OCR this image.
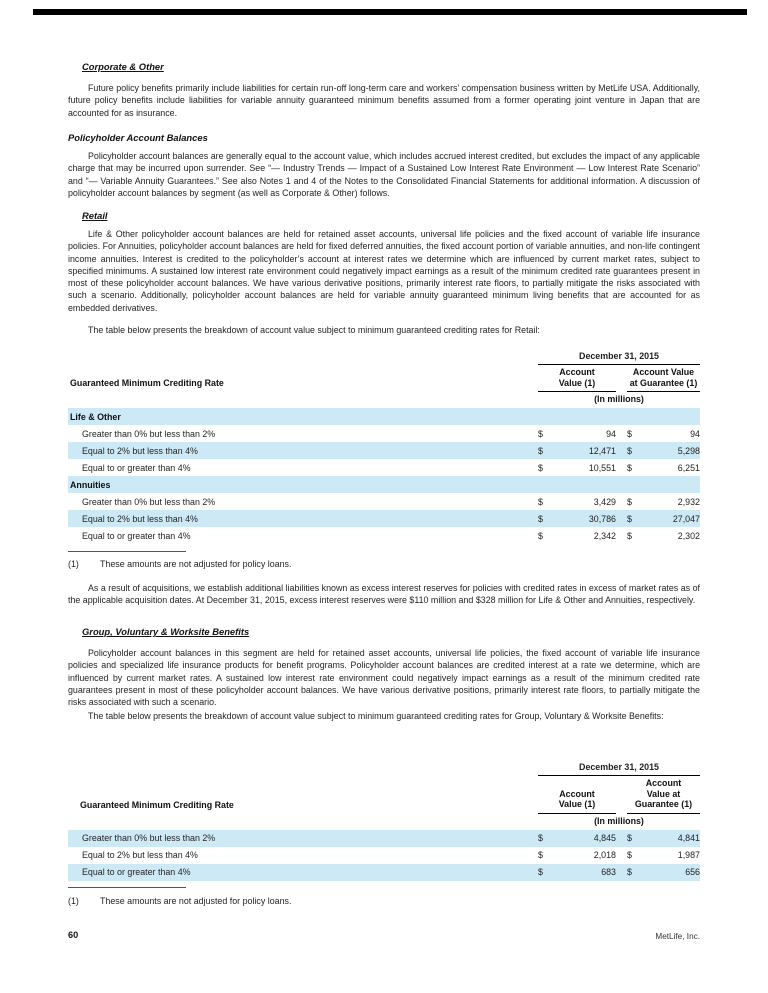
Corporate & Other
Future policy benefits primarily include liabilities for certain run-off long-term care and workers’ compensation business written by MetLife USA. Additionally, future policy benefits include liabilities for variable annuity guaranteed minimum benefits assumed from a former operating joint venture in Japan that are accounted for as insurance.
Policyholder Account Balances
Policyholder account balances are generally equal to the account value, which includes accrued interest credited, but excludes the impact of any applicable charge that may be incurred upon surrender. See “— Industry Trends — Impact of a Sustained Low Interest Rate Environment — Low Interest Rate Scenario” and “— Variable Annuity Guarantees.” See also Notes 1 and 4 of the Notes to the Consolidated Financial Statements for additional information. A discussion of policyholder account balances by segment (as well as Corporate & Other) follows.
Retail
Life & Other policyholder account balances are held for retained asset accounts, universal life policies and the fixed account of variable life insurance policies. For Annuities, policyholder account balances are held for fixed deferred annuities, the fixed account portion of variable annuities, and non-life contingent income annuities. Interest is credited to the policyholder’s account at interest rates we determine which are influenced by current market rates, subject to specified minimums. A sustained low interest rate environment could negatively impact earnings as a result of the minimum credited rate guarantees present in most of these policyholder account balances. We have various derivative positions, primarily interest rate floors, to partially mitigate the risks associated with such a scenario. Additionally, policyholder account balances are held for variable annuity guaranteed minimum living benefits that are accounted for as embedded derivatives.
The table below presents the breakdown of account value subject to minimum guaranteed crediting rates for Retail:
Guaranteed Minimum Crediting Rate
December 31, 2015
Account
Value (1)
Account Value
at Guarantee (1)
(In millions)
Life & Other
Greater than 0% but less than 2%	$	94 $	94
Equal to 2% but less than 4%	$	12,471 $	5,298
Equal to or greater than 4%	$	10,551 $	6,251
Annuities
Greater than 0% but less than 2%	$	3,429 $	2,932
Equal to 2% but less than 4%	$	30,786 $	27,047
Equal to or greater than 4%	$	2,342 $	2,302
(1)	These amounts are not adjusted for policy loans.
As a result of acquisitions, we establish additional liabilities known as excess interest reserves for policies with credited rates in excess of market rates as of the applicable acquisition dates. At December 31, 2015, excess interest reserves were $110 million and $328 million for Life & Other and Annuities, respectively.
Group, Voluntary & Worksite Benefits
Policyholder account balances in this segment are held for retained asset accounts, universal life policies, the fixed account of variable life insurance policies and specialized life insurance products for benefit programs. Policyholder account balances are credited interest at a rate we determine, which are influenced by current market rates. A sustained low interest rate environment could negatively impact earnings as a result of the minimum credited rate guarantees present in most of these policyholder account balances. We have various derivative positions, primarily interest rate floors, to partially mitigate the risks associated with such a scenario.
The table below presents the breakdown of account value subject to minimum guaranteed crediting rates for Group, Voluntary & Worksite Benefits:
Guaranteed Minimum Crediting Rate
December 31, 2015
Account
Value (1)
Account
Value at
Guarantee (1)
(In millions)
Greater than 0% but less than 2%	$	4,845 $	4,841
Equal to 2% but less than 4%	$	2,018 $	1,987
Equal to or greater than 4%	$	683 $	656
(1)	These amounts are not adjusted for policy loans.
60	MetLife, Inc.
